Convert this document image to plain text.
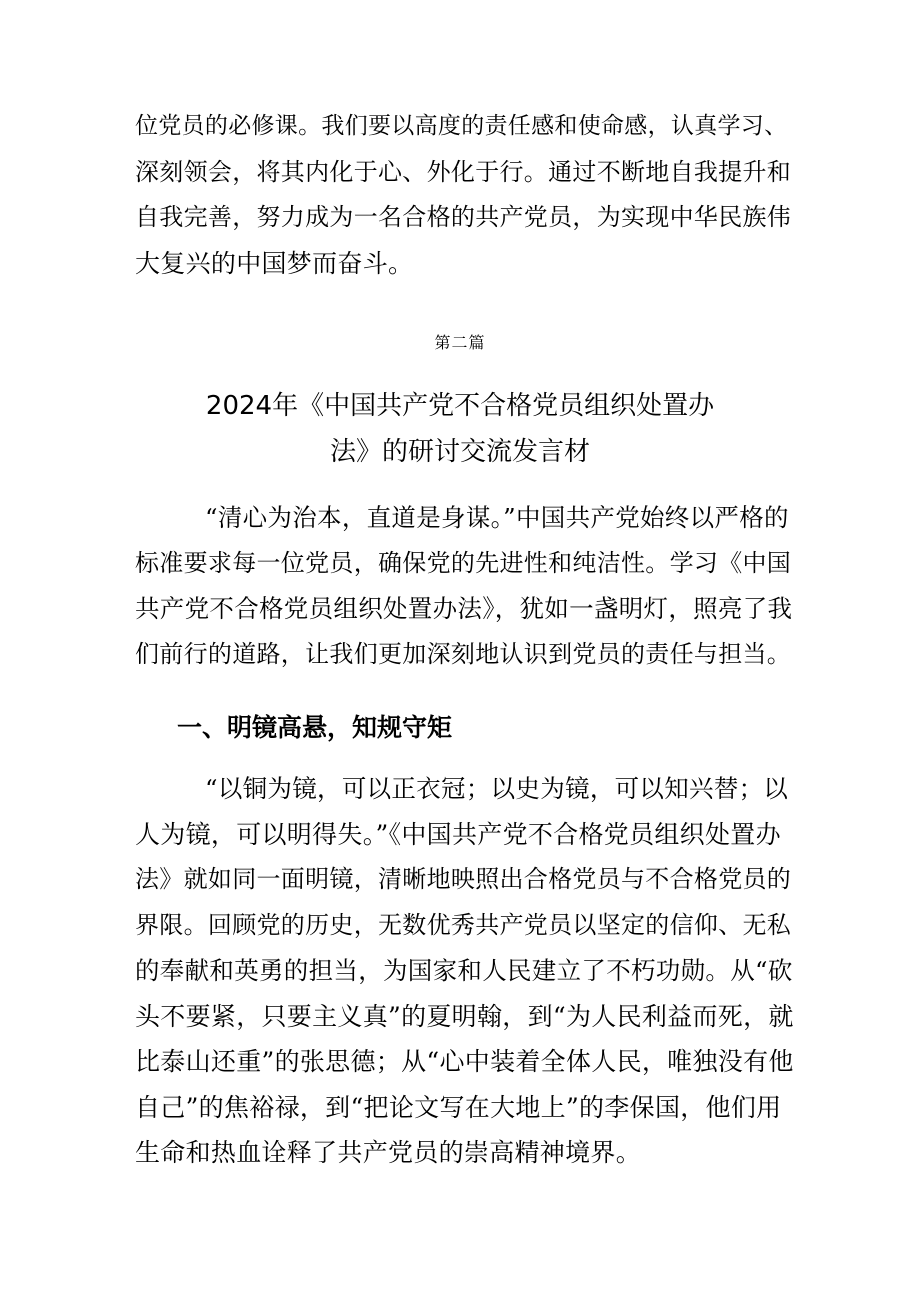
位党员的必修课。我们要以高度的责任感和使命感，认真学习、
深刻领会，将其内化于心、外化于行。通过不断地自我提升和
自我完善，努力成为一名合格的共产党员，为实现中华民族伟
大复兴的中国梦而奋斗。
第二篇
2024年《中国共产党不合格党员组织处置办
法》的研讨交流发言材
“清心为治本，直道是身谋。”中国共产党始终以严格的
标准要求每一位党员，确保党的先进性和纯洁性。学习《中国
共产党不合格党员组织处置办法》，犹如一盏明灯，照亮了我
们前行的道路，让我们更加深刻地认识到党员的责任与担当。
一、明镜高悬，知规守矩
“以铜为镜，可以正衣冠；以史为镜，可以知兴替；以
人为镜，可以明得失。”《中国共产党不合格党员组织处置办
法》就如同一面明镜，清晰地映照出合格党员与不合格党员的
界限。回顾党的历史，无数优秀共产党员以坚定的信仰、无私
的奉献和英勇的担当，为国家和人民建立了不朽功勋。从“砍
头不要紧，只要主义真”的夏明翰，到“为人民利益而死，就
比泰山还重”的张思德；从“心中装着全体人民，唯独没有他
自己”的焦裕禄，到“把论文写在大地上”的李保国，他们用
生命和热血诠释了共产党员的崇高精神境界。
